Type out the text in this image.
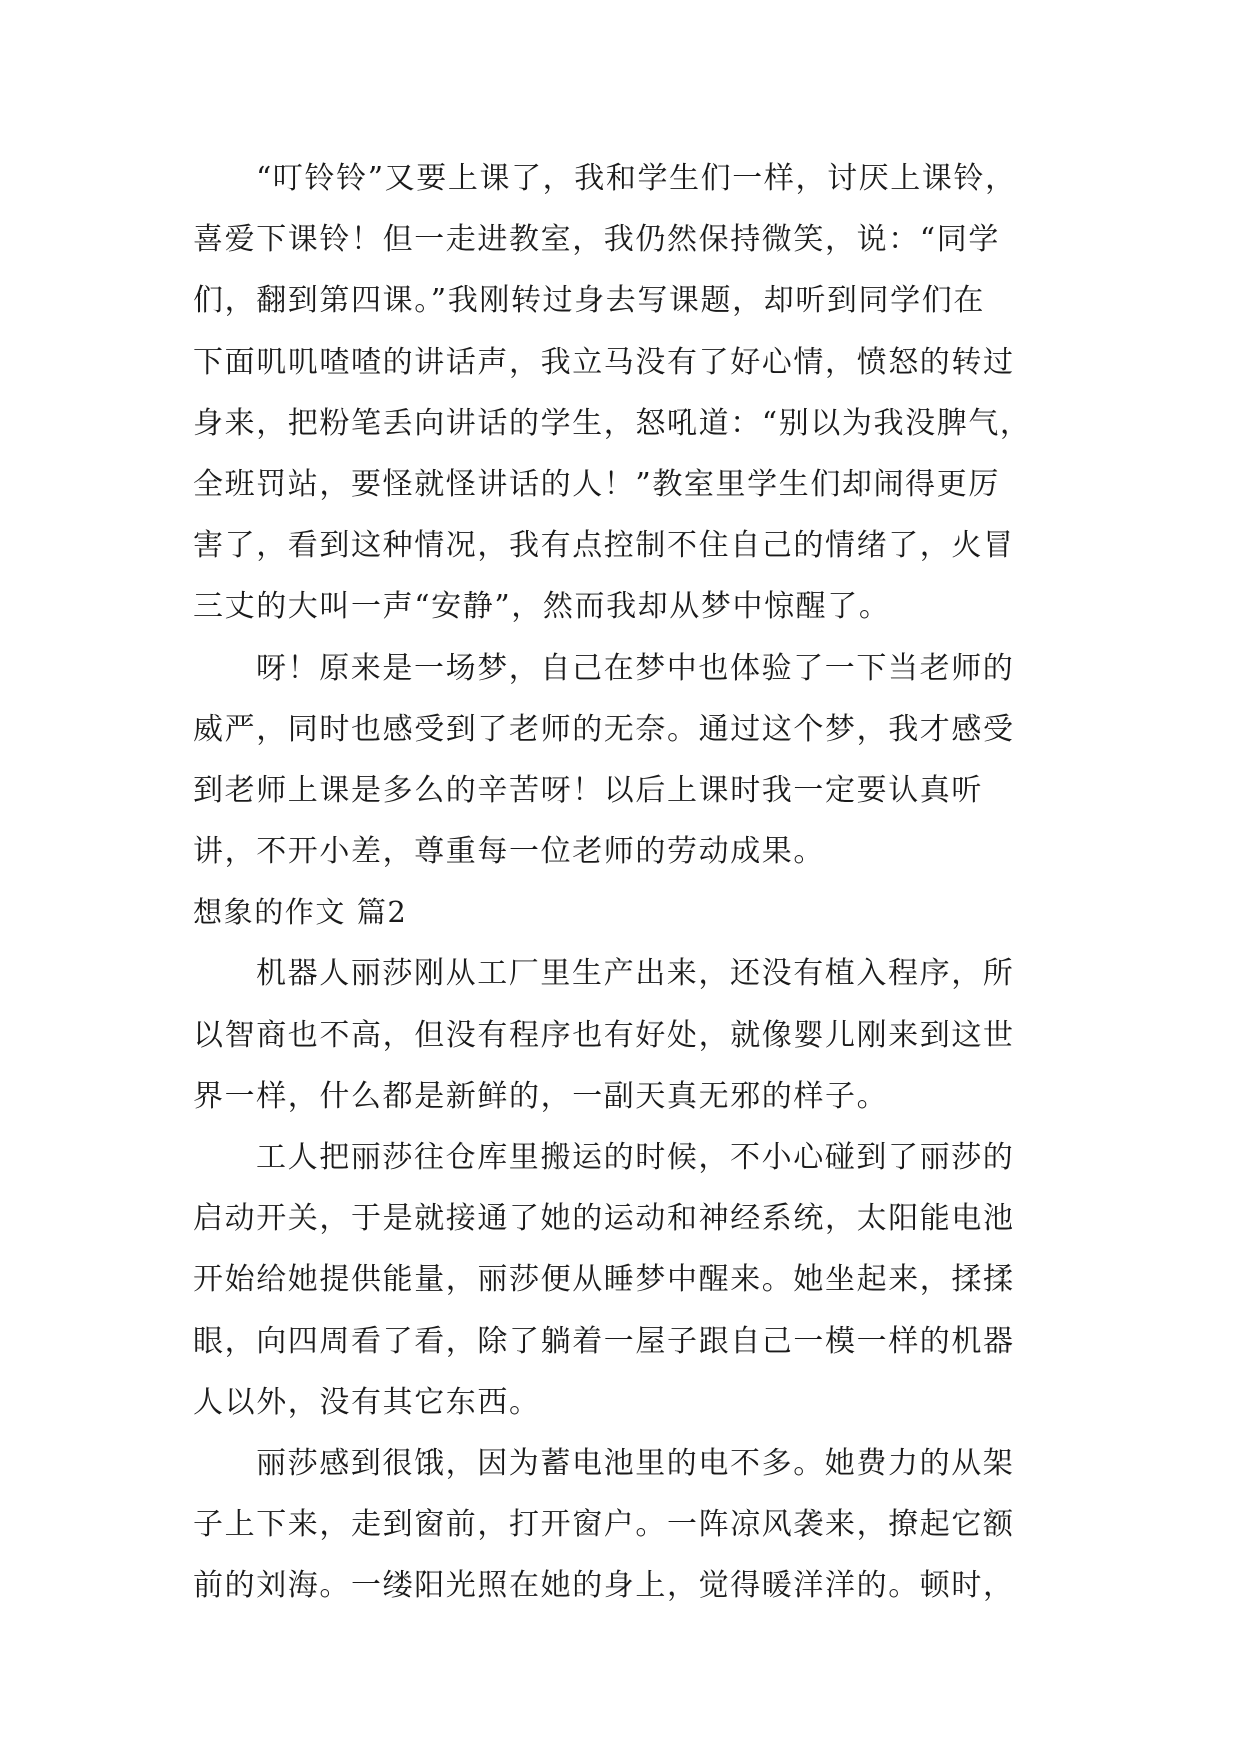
“叮铃铃”又要上课了，我和学生们一样，讨厌上课铃，
喜爱下课铃！但一走进教室，我仍然保持微笑，说：“同学
们，翻到第四课。”我刚转过身去写课题，却听到同学们在
下面叽叽喳喳的讲话声，我立马没有了好心情，愤怒的转过
身来，把粉笔丢向讲话的学生，怒吼道：“别以为我没脾气，
全班罚站，要怪就怪讲话的人！”教室里学生们却闹得更厉
害了，看到这种情况，我有点控制不住自己的情绪了，火冒
三丈的大叫一声“安静”，然而我却从梦中惊醒了。
呀！原来是一场梦，自己在梦中也体验了一下当老师的
威严，同时也感受到了老师的无奈。通过这个梦，我才感受
到老师上课是多么的辛苦呀！以后上课时我一定要认真听
讲，不开小差，尊重每一位老师的劳动成果。
想象的作文 篇2
机器人丽莎刚从工厂里生产出来，还没有植入程序，所
以智商也不高，但没有程序也有好处，就像婴儿刚来到这世
界一样，什么都是新鲜的，一副天真无邪的样子。
工人把丽莎往仓库里搬运的时候，不小心碰到了丽莎的
启动开关，于是就接通了她的运动和神经系统，太阳能电池
开始给她提供能量，丽莎便从睡梦中醒来。她坐起来，揉揉
眼，向四周看了看，除了躺着一屋子跟自己一模一样的机器
人以外，没有其它东西。
丽莎感到很饿，因为蓄电池里的电不多。她费力的从架
子上下来，走到窗前，打开窗户。一阵凉风袭来，撩起它额
前的刘海。一缕阳光照在她的身上，觉得暖洋洋的。顿时，
